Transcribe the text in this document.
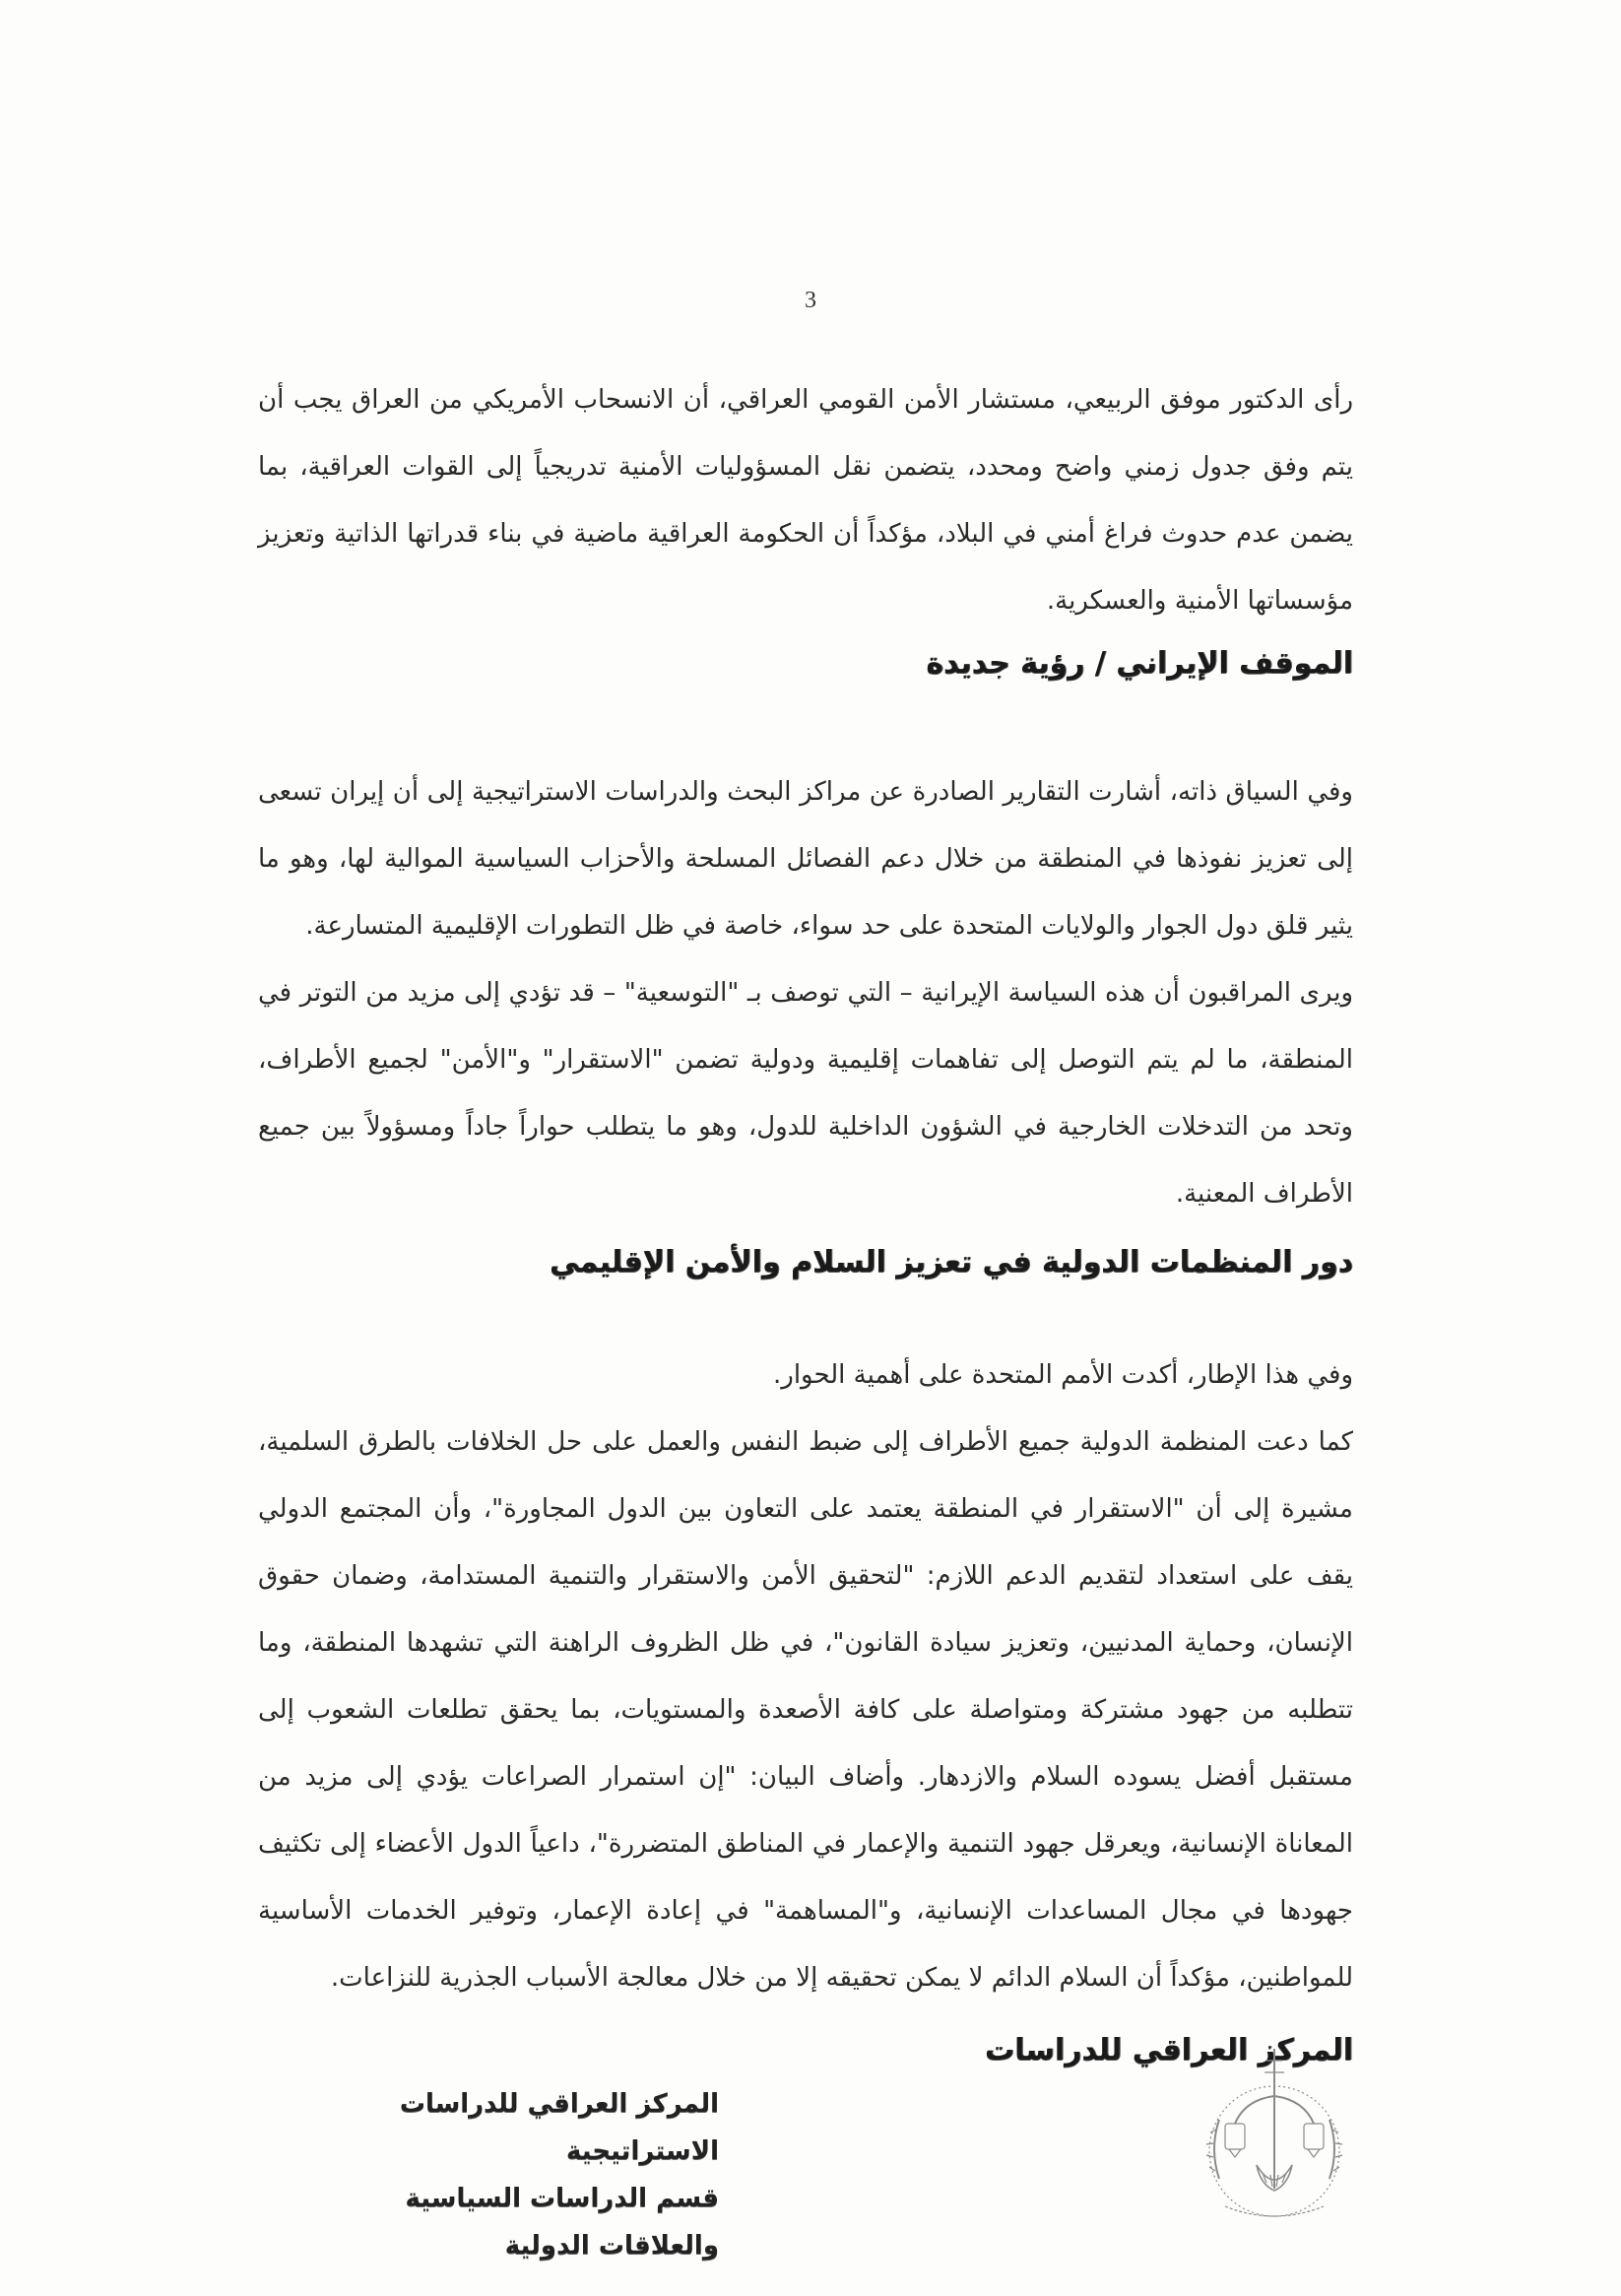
3

رأى الدكتور موفق الربيعي، مستشار الأمن القومي العراقي، أن الانسحاب الأمريكي من العراق يجب أن يتم وفق جدول زمني واضح ومحدد، يتضمن نقل المسؤوليات الأمنية تدريجياً إلى القوات العراقية، بما يضمن عدم حدوث فراغ أمني في البلاد، مؤكداً أن الحكومة العراقية ماضية في بناء قدراتها الذاتية وتعزيز مؤسساتها الأمنية والعسكرية.

الموقف الإيراني / رؤية جديدة

وفي السياق ذاته، أشارت التقارير الصادرة عن مراكز البحث والدراسات الاستراتيجية إلى أن إيران تسعى إلى تعزيز نفوذها في المنطقة من خلال دعم الفصائل المسلحة والأحزاب السياسية الموالية لها، وهو ما يثير قلق دول الجوار والولايات المتحدة على حد سواء، خاصة في ظل التطورات الإقليمية المتسارعة.

ويرى المراقبون أن هذه السياسة الإيرانية – التي توصف بـ "التوسعية" – قد تؤدي إلى مزيد من التوتر في المنطقة، ما لم يتم التوصل إلى تفاهمات إقليمية ودولية تضمن "الاستقرار" و"الأمن" لجميع الأطراف، وتحد من التدخلات الخارجية في الشؤون الداخلية للدول، وهو ما يتطلب حواراً جاداً ومسؤولاً بين جميع الأطراف المعنية.

دور المنظمات الدولية في تعزيز السلام والأمن الإقليمي

وفي هذا الإطار، أكدت الأمم المتحدة على أهمية الحوار.

كما دعت المنظمة الدولية جميع الأطراف إلى ضبط النفس والعمل على حل الخلافات بالطرق السلمية، مشيرة إلى أن "الاستقرار في المنطقة يعتمد على التعاون بين الدول المجاورة"، وأن المجتمع الدولي يقف على استعداد لتقديم الدعم اللازم: "لتحقيق الأمن والاستقرار والتنمية المستدامة، وضمان حقوق الإنسان، وحماية المدنيين، وتعزيز سيادة القانون"، في ظل الظروف الراهنة التي تشهدها المنطقة، وما تتطلبه من جهود مشتركة ومتواصلة على كافة الأصعدة والمستويات، بما يحقق تطلعات الشعوب إلى مستقبل أفضل يسوده السلام والازدهار. وأضاف البيان: "إن استمرار الصراعات يؤدي إلى مزيد من المعاناة الإنسانية، ويعرقل جهود التنمية والإعمار في المناطق المتضررة"، داعياً الدول الأعضاء إلى تكثيف جهودها في مجال المساعدات الإنسانية، و"المساهمة" في إعادة الإعمار، وتوفير الخدمات الأساسية للمواطنين، مؤكداً أن السلام الدائم لا يمكن تحقيقه إلا من خلال معالجة الأسباب الجذرية للنزاعات.

المركز العراقي للدراسات
المركز العراقي للدراسات الاستراتيجية
قسم الدراسات السياسية والعلاقات الدولية
